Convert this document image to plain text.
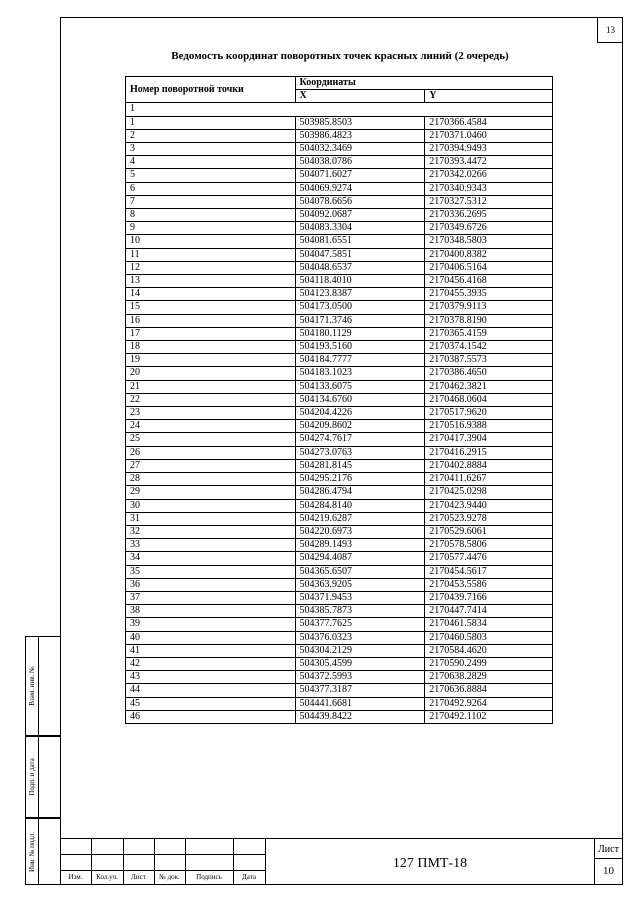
13
Ведомость координат поворотных точек красных линий (2 очередь)
Номер поворотной точки	Координаты	
	X	Y
1		
1	503985.8503	2170366.4584
2	503986.4823	2170371.0460
3	504032.3469	2170394.9493
4	504038.0786	2170393.4472
5	504071.6027	2170342.0266
6	504069.9274	2170340.9343
7	504078.6656	2170327.5312
8	504092.0687	2170336.2695
9	504083.3304	2170349.6726
10	504081.6551	2170348.5803
11	504047.5851	2170400.8382
12	504048.6537	2170406.5164
13	504118.4010	2170456.4168
14	504123.8387	2170455.3935
15	504173.0500	2170379.9113
16	504171.3746	2170378.8190
17	504180.1129	2170365.4159
18	504193.5160	2170374.1542
19	504184.7777	2170387.5573
20	504183.1023	2170386.4650
21	504133.6075	2170462.3821
22	504134.6760	2170468.0604
23	504204.4226	2170517.9620
24	504209.8602	2170516.9388
25	504274.7617	2170417.3904
26	504273.0763	2170416.2915
27	504281.8145	2170402.8884
28	504295.2176	2170411.6267
29	504286.4794	2170425.0298
30	504284.8140	2170423.9440
31	504219.6287	2170523.9278
32	504220.6973	2170529.6061
33	504289.1493	2170578.5806
34	504294.4087	2170577.4476
35	504365.6507	2170454.5617
36	504363.9205	2170453.5586
37	504371.9453	2170439.7166
38	504385.7873	2170447.7414
39	504377.7625	2170461.5834
40	504376.0323	2170460.5803
41	504304.2129	2170584.4620
42	504305.4599	2170590.2499
43	504372.5993	2170638.2829
44	504377.3187	2170636.8884
45	504441.6681	2170492.9264
46	504439.8422	2170492.1102
Взам. инв. №
Подп. и дата
Инв. № подл.
Изм.	Кол.уч.	Лист	№ док.	Подпись	Дата
127 ПМТ-18
Лист
10
